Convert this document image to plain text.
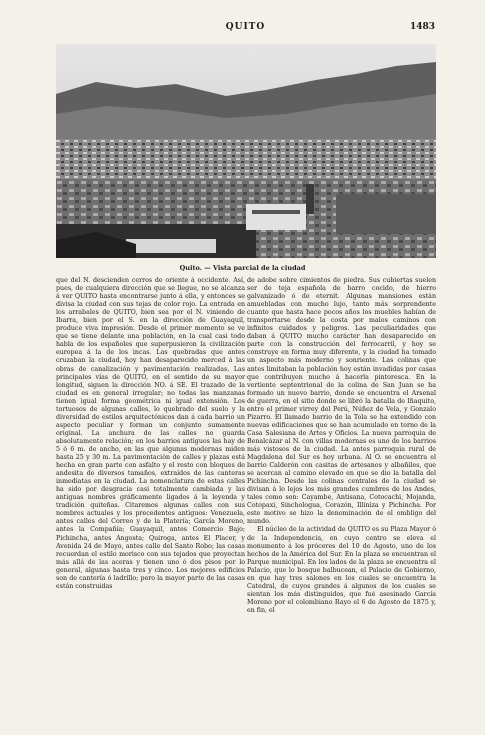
QUITO	1483
Quito. — Vista parcial de la ciudad

que del N. descienden cerros de oriente á occidente. Así, pues, de cualquiera dirección que se llegue, no se alcanza á ver QUITO hasta encontrarse junto á ella, y entonces se divisa la ciudad con sus tejas de color rojo. La entrada en los arrabales de QUITO, bien sea por el N. viniendo de Ibarra, bien por el S. en la dirección de Guayaquil, produce viva impresión. Desde el primer momento se ve que se tiene delante una población, en la cual casi todo habla de los españoles que superpusieron la civilización europea á la de los incas. Las quebradas que antes cruzaban la ciudad, hoy han desaparecido merced á las obras de canalización y pavimentación realizadas. Las principales vías de QUITO, en el sentido de su mayor longitud, siguen la dirección NO. á SE. El trazado de la ciudad es en general irregular; no todas las manzanas tienen igual forma geométrica ni igual extensión. Los tortuosos de algunas calles, lo quebrado del suelo y la diversidad de estilos arquitectónicos dan á cada barrio un aspecto peculiar y forman un conjunto sumamente original. La anchura de las calles no guarda absolutamente relación; en los barrios antiguos las hay de 5 ó 6 m. de ancho, en las que algunas modernas miden hasta 25 y 30 m. La pavimentación de calles y plazas está hecha en gran parte con asfalto y el resto con bloques de andesita de diversos tamaños, extraídos de las canteras inmediatas en la ciudad. La nomenclatura de estas calles ha sido por desgracia casi totalmente cambiada y las antiguas nombres gráficamente ligados á la leyenda y tradición quiteñas. Citaremos algunas calles con sus nombres actuales y los precedentes antiguos: Venezuela, antes calles del Correo y de la Platería; García Moreno, antes la Compañía; Guayaquil, antes Comercio Bajo; Pichincha, antes Angosta; Quiroga, antes El Placer, y Avenida 24 de Mayo, antes calle del Santo Robo; las casas recuerdan el estilo morisco con sus tejados que proyectan más allá de las aceras y tienen uno ó dos pisos por lo general, algunas hasta tres y cinco. Los mejores edificios son de cantería ó ladrillo; pero la mayor parte de las casas están construidas

de adobe sobre cimientos de piedra. Sus cubiertas suelen ser de teja española de barro cocido, de hierro galvanizado ó de eternit. Algunas mansiones están amuebladas con mucho lujo, tanto más sorprendente cuanto que hasta hace pocos años los muebles habían de transportarse desde la costa por malos caminos con infinitos cuidados y peligros. Las peculiaridades que daban á QUITO mucho carácter han desaparecido en parte con la construcción del ferrocarril, y hoy se construye en forma muy diferente, y la ciudad ha tomado un aspecto más moderno y sonriente. Las colinas que antes limitaban la población hoy están invadidas por casas que contribuyen mucho á hacerla pintoresca. En la vertiente septentrional de la colina de San Juan se ha formado un nuevo barrio, donde se encuentra el Arsenal de guerra, en el sitio donde se libró la batalla de Iñaquito, entre el primer virrey del Perú, Núñez de Vela, y Gonzalo Pizarro. El llamado barrio de la Tola se ha extendido con nuevas edificaciones que se han acumulado en torno de la Casa Salesiana de Artes y Oficios. La nueva parroquia de Benalcázar al N. con villas modernas es uno de los barrios más vistosos de la ciudad. La antes parroquia rural de Magdalena del Sur es hoy urbana. Al O. se encuentra el barrio Calderón con casitas de artesanos y albañiles, que se acercan al camino elevado en que se dio la batalla del Pichincha. Desde las colinas centrales de la ciudad se divisan á lo lejos los más grandes cumbres de los Andes, tales como son: Cayambe, Antisana, Cotocachi, Mojanda, Cotopaxi, Sinchologua, Corazón, Illiniza y Pichincha. Por este motivo se hizo la denominación de el ombligo del mundo.

El núcleo de la actividad de QUITO es su Plaza Mayor ó de la Independencia, en cuyo centro se eleva el monumento á los próceres del 10 de Agosto, uno de los hechos de la América del Sur. En la plaza se encuentran el Parque municipal. En los lados de la plaza se encuentra el Palacio, que lo bosque balbucean, el Palacio de Gobierno, en que hay tres salones en los cuales se encuentra la Catedral, de cuyos grandes á algunos de los cuales se sientan los más distinguidos, que fué asesinado García Moreno por el colombiano Rayo el 6 de Agosto de 1875 y, en fin, el
